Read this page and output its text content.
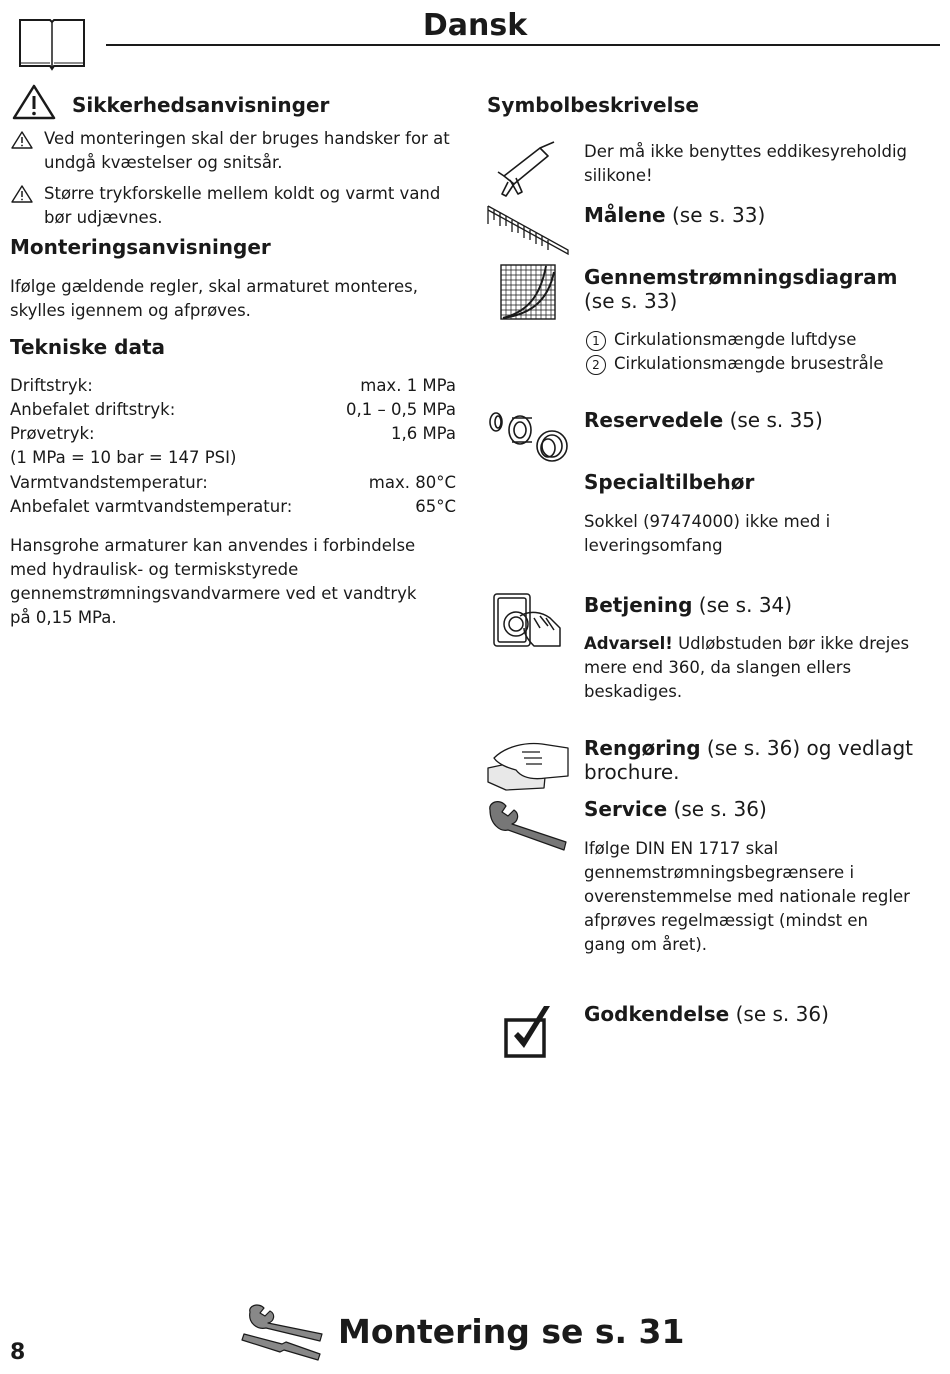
Dansk
Sikkerhedsanvisninger
Ved monteringen skal der bruges handsker for at undgå kvæstelser og snitsår.
Større trykforskelle mellem koldt og varmt vand bør udjævnes.
Monteringsanvisninger
Ifølge gældende regler, skal armaturet monteres, skylles igennem og afprøves.
Tekniske data
Driftstryk:	max. 1 MPa
Anbefalet driftstryk:	0,1 – 0,5 MPa
Prøvetryk:	1,6 MPa
(1 MPa = 10 bar = 147 PSI)
Varmtvandstemperatur:	max. 80°C
Anbefalet varmtvandstemperatur:	65°C
Hansgrohe armaturer kan anvendes i forbindelse med hydraulisk- og termiskstyrede gennemstrømningsvandvarmere ved et vandtryk på 0,15 MPa.
Symbolbeskrivelse
Der må ikke benyttes eddikesyreholdig silikone!
Målene (se s. 33)
Gennemstrømningsdiagram
(se s. 33)
1 Cirkulationsmængde luftdyse
2 Cirkulationsmængde brusestråle
Reservedele (se s. 35)
Specialtilbehør
Sokkel (97474000) ikke med i leveringsomfang
Betjening (se s. 34)
Advarsel! Udløbstuden bør ikke drejes mere end 360, da slangen ellers beskadiges.
Rengøring (se s. 36) og vedlagt brochure.
Service (se s. 36)
Ifølge DIN EN 1717 skal gennemstrømningsbegrænsere i overenstemmelse med nationale regler afprøves regelmæssigt (mindst en gang om året).
Godkendelse (se s. 36)
Montering se s. 31
8
